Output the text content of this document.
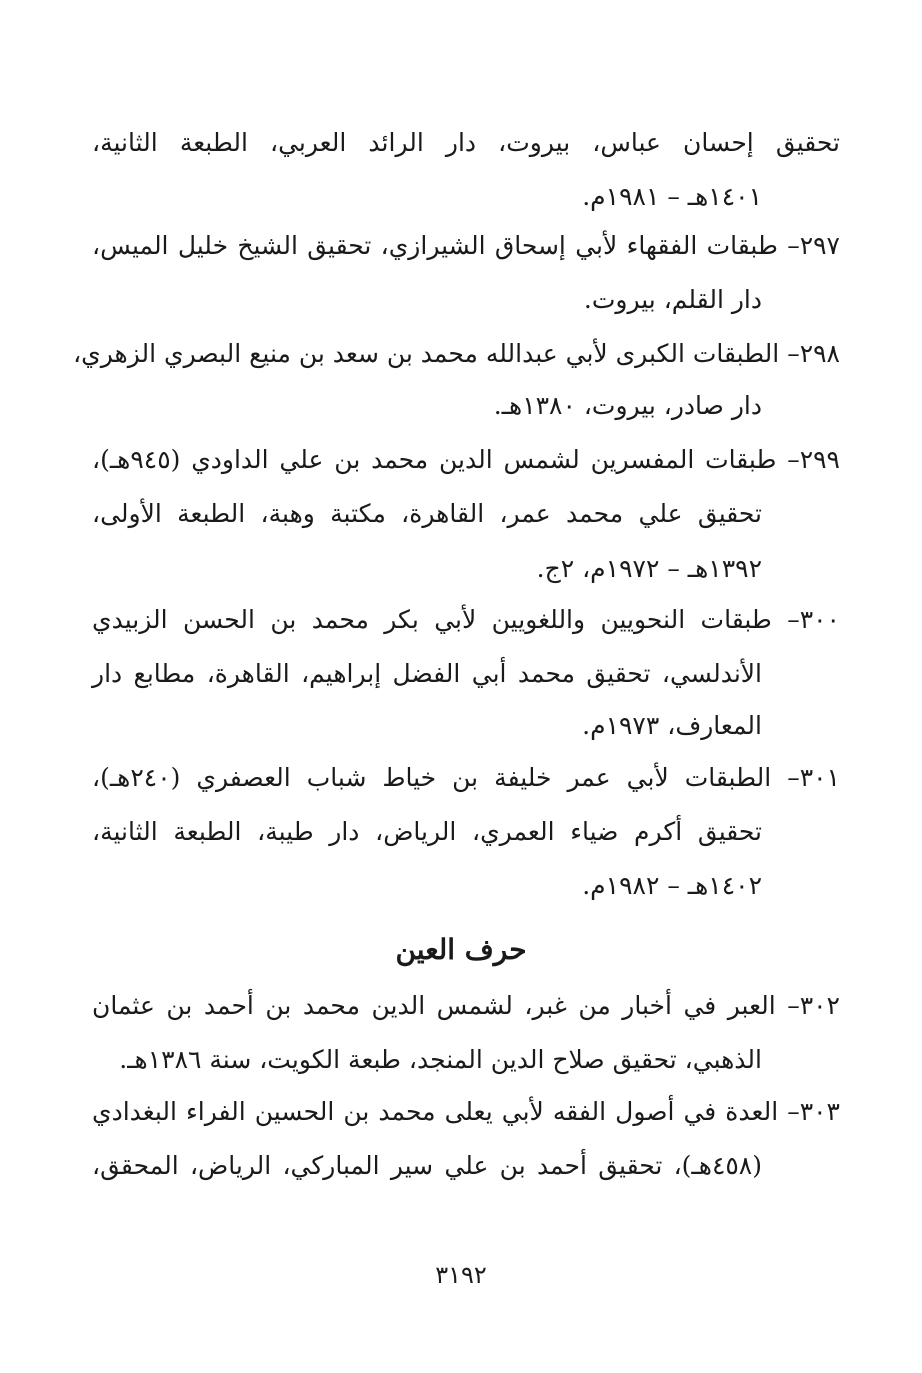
تحقيق إحسان عباس، بيروت، دار الرائد العربي، الطبعة الثانية،
١٤٠١هـ – ١٩٨١م.
٢٩٧– طبقات الفقهاء لأبي إسحاق الشيرازي، تحقيق الشيخ خليل الميس،
دار القلم، بيروت.
٢٩٨– الطبقات الكبرى لأبي عبدالله محمد بن سعد بن منيع البصري الزهري،
دار صادر، بيروت، ١٣٨٠هـ.
٢٩٩– طبقات المفسرين لشمس الدين محمد بن علي الداودي (٩٤٥هـ)،
تحقيق علي محمد عمر، القاهرة، مكتبة وهبة، الطبعة الأولى،
١٣٩٢هـ – ١٩٧٢م، ٢ج.
٣٠٠– طبقات النحويين واللغويين لأبي بكر محمد بن الحسن الزبيدي
الأندلسي، تحقيق محمد أبي الفضل إبراهيم، القاهرة، مطابع دار
المعارف، ١٩٧٣م.
٣٠١– الطبقات لأبي عمر خليفة بن خياط شباب العصفري (٢٤٠هـ)،
تحقيق أكرم ضياء العمري، الرياض، دار طيبة، الطبعة الثانية،
١٤٠٢هـ – ١٩٨٢م.
حرف العين
٣٠٢– العبر في أخبار من غبر، لشمس الدين محمد بن أحمد بن عثمان
الذهبي، تحقيق صلاح الدين المنجد، طبعة الكويت، سنة ١٣٨٦هـ.
٣٠٣– العدة في أصول الفقه لأبي يعلى محمد بن الحسين الفراء البغدادي
(٤٥٨هـ)، تحقيق أحمد بن علي سير المباركي، الرياض، المحقق،
٣١٩٢
